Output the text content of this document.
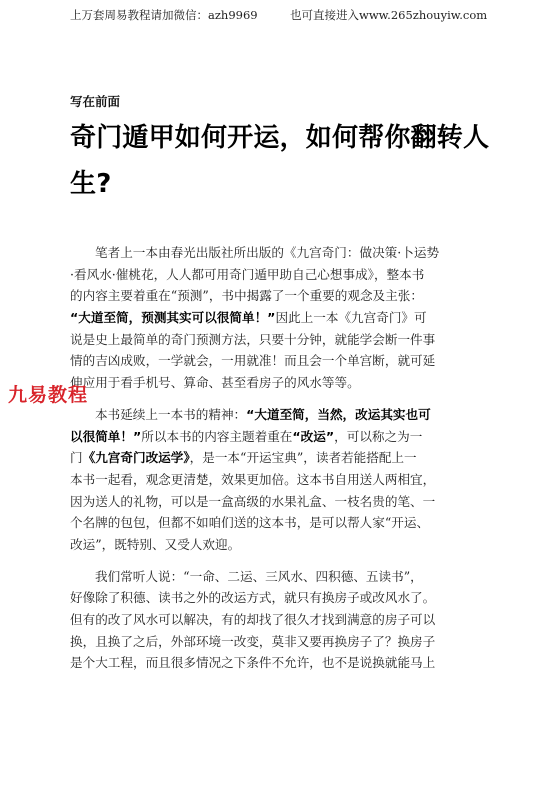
上万套周易教程请加微信：azh9969	也可直接进入www.265zhouyiw.com
写在前面
奇门遁甲如何开运，如何帮你翻转人
生?
笔者上一本由春光出版社所出版的《九宫奇门：做决策·卜运势
·看风水·催桃花，人人都可用奇门遁甲助自己心想事成》，整本书
的内容主要着重在“预测”，书中揭露了一个重要的观念及主张：
“大道至简，预测其实可以很简单！”因此上一本《九宫奇门》可
说是史上最简单的奇门预测方法，只要十分钟，就能学会断一件事
情的吉凶成败，一学就会，一用就准！而且会一个单宫断，就可延
伸应用于看手机号、算命、甚至看房子的风水等等。
本书延续上一本书的精神：“大道至简，当然，改运其实也可
以很简单！”所以本书的内容主题着重在“改运”，可以称之为一
门《九宫奇门改运学》，是一本“开运宝典”，读者若能搭配上一
本书一起看，观念更清楚，效果更加倍。这本书自用送人两相宜，
因为送人的礼物，可以是一盒高级的水果礼盒、一枝名贵的笔、一
个名牌的包包，但都不如咱们送的这本书，是可以帮人家“开运、
改运”，既特别、又受人欢迎。
我们常听人说：“一命、二运、三风水、四积德、五读书”，
好像除了积德、读书之外的改运方式，就只有换房子或改风水了。
但有的改了风水可以解决，有的却找了很久才找到满意的房子可以
换，且换了之后，外部环境一改变，莫非又要再换房子了？换房子
是个大工程，而且很多情况之下条件不允许，也不是说换就能马上
九易教程
